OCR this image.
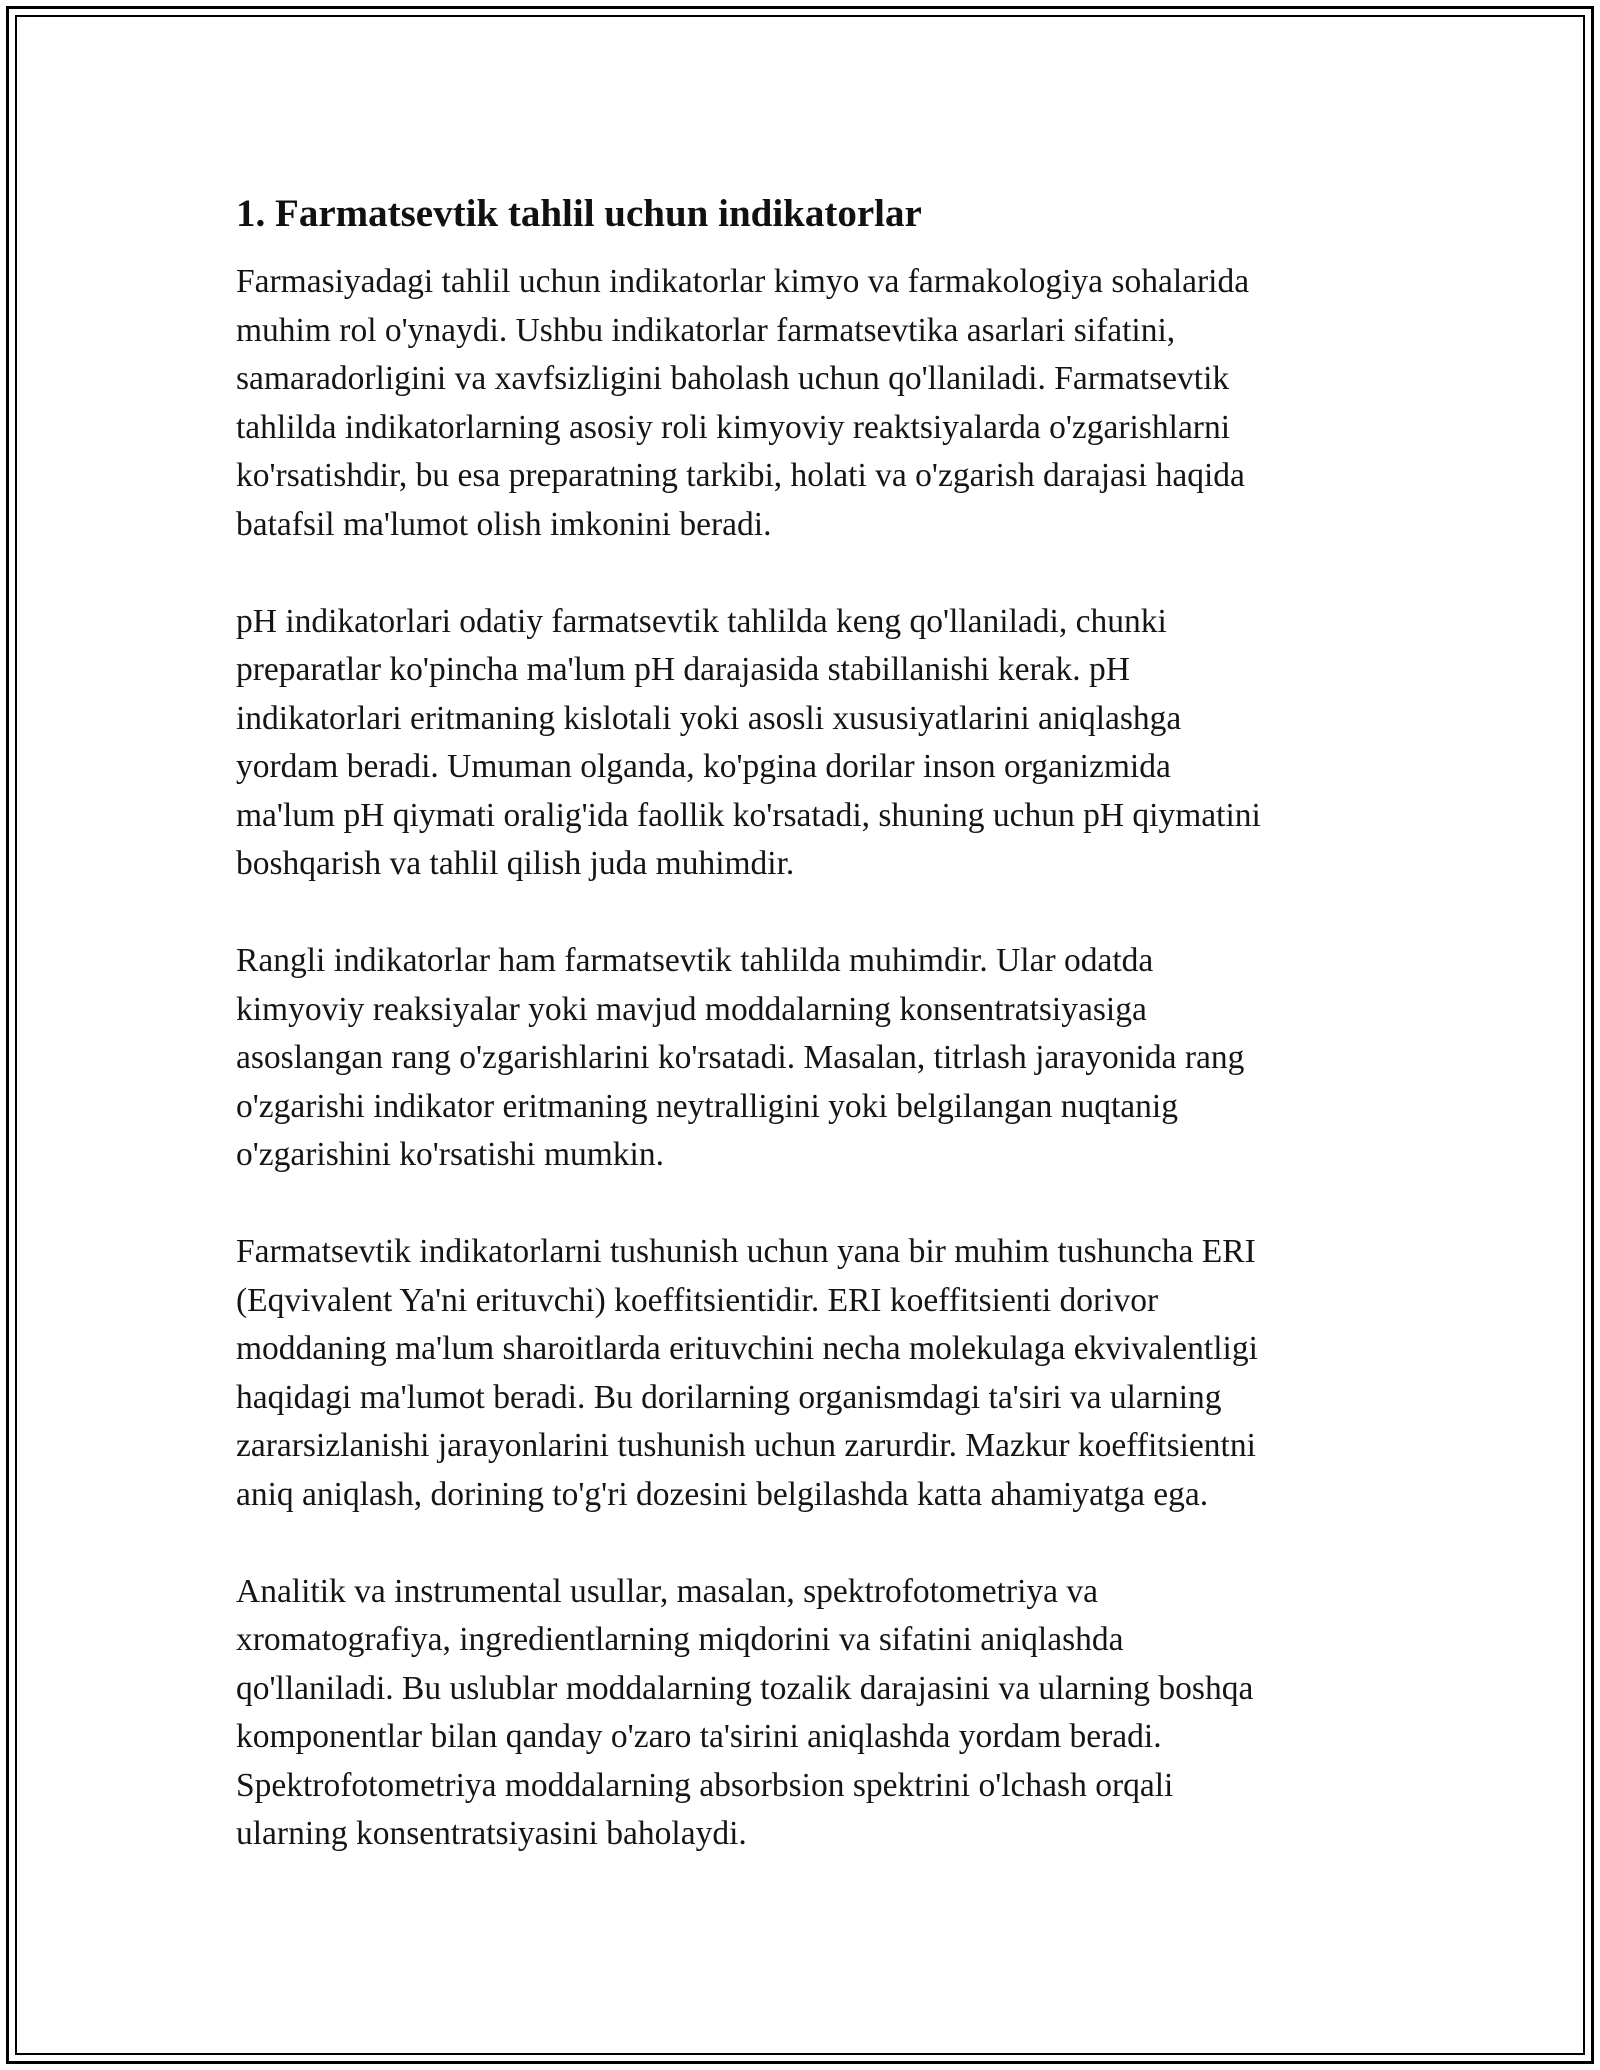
1. Farmatsevtik tahlil uchun indikatorlar

Farmasiyadagi tahlil uchun indikatorlar kimyo va farmakologiya sohalarida
muhim rol o'ynaydi. Ushbu indikatorlar farmatsevtika asarlari sifatini,
samaradorligini va xavfsizligini baholash uchun qo'llaniladi. Farmatsevtik
tahlilda indikatorlarning asosiy roli kimyoviy reaktsiyalarda o'zgarishlarni
ko'rsatishdir, bu esa preparatning tarkibi, holati va o'zgarish darajasi haqida
batafsil ma'lumot olish imkonini beradi.

pH indikatorlari odatiy farmatsevtik tahlilda keng qo'llaniladi, chunki
preparatlar ko'pincha ma'lum pH darajasida stabillanishi kerak. pH
indikatorlari eritmaning kislotali yoki asosli xususiyatlarini aniqlashga
yordam beradi. Umuman olganda, ko'pgina dorilar inson organizmida
ma'lum pH qiymati oralig'ida faollik ko'rsatadi, shuning uchun pH qiymatini
boshqarish va tahlil qilish juda muhimdir.

Rangli indikatorlar ham farmatsevtik tahlilda muhimdir. Ular odatda
kimyoviy reaksiyalar yoki mavjud moddalarning konsentratsiyasiga
asoslangan rang o'zgarishlarini ko'rsatadi. Masalan, titrlash jarayonida rang
o'zgarishi indikator eritmaning neytralligini yoki belgilangan nuqtanig
o'zgarishini ko'rsatishi mumkin.

Farmatsevtik indikatorlarni tushunish uchun yana bir muhim tushuncha ERI
(Eqvivalent Ya'ni erituvchi) koeffitsientidir. ERI koeffitsienti dorivor
moddaning ma'lum sharoitlarda erituvchini necha molekulaga ekvivalentligi
haqidagi ma'lumot beradi. Bu dorilarning organismdagi ta'siri va ularning
zararsizlanishi jarayonlarini tushunish uchun zarurdir. Mazkur koeffitsientni
aniq aniqlash, dorining to'g'ri dozesini belgilashda katta ahamiyatga ega.

Analitik va instrumental usullar, masalan, spektrofotometriya va
xromatografiya, ingredientlarning miqdorini va sifatini aniqlashda
qo'llaniladi. Bu uslublar moddalarning tozalik darajasini va ularning boshqa
komponentlar bilan qanday o'zaro ta'sirini aniqlashda yordam beradi.
Spektrofotometriya moddalarning absorbsion spektrini o'lchash orqali
ularning konsentratsiyasini baholaydi.
